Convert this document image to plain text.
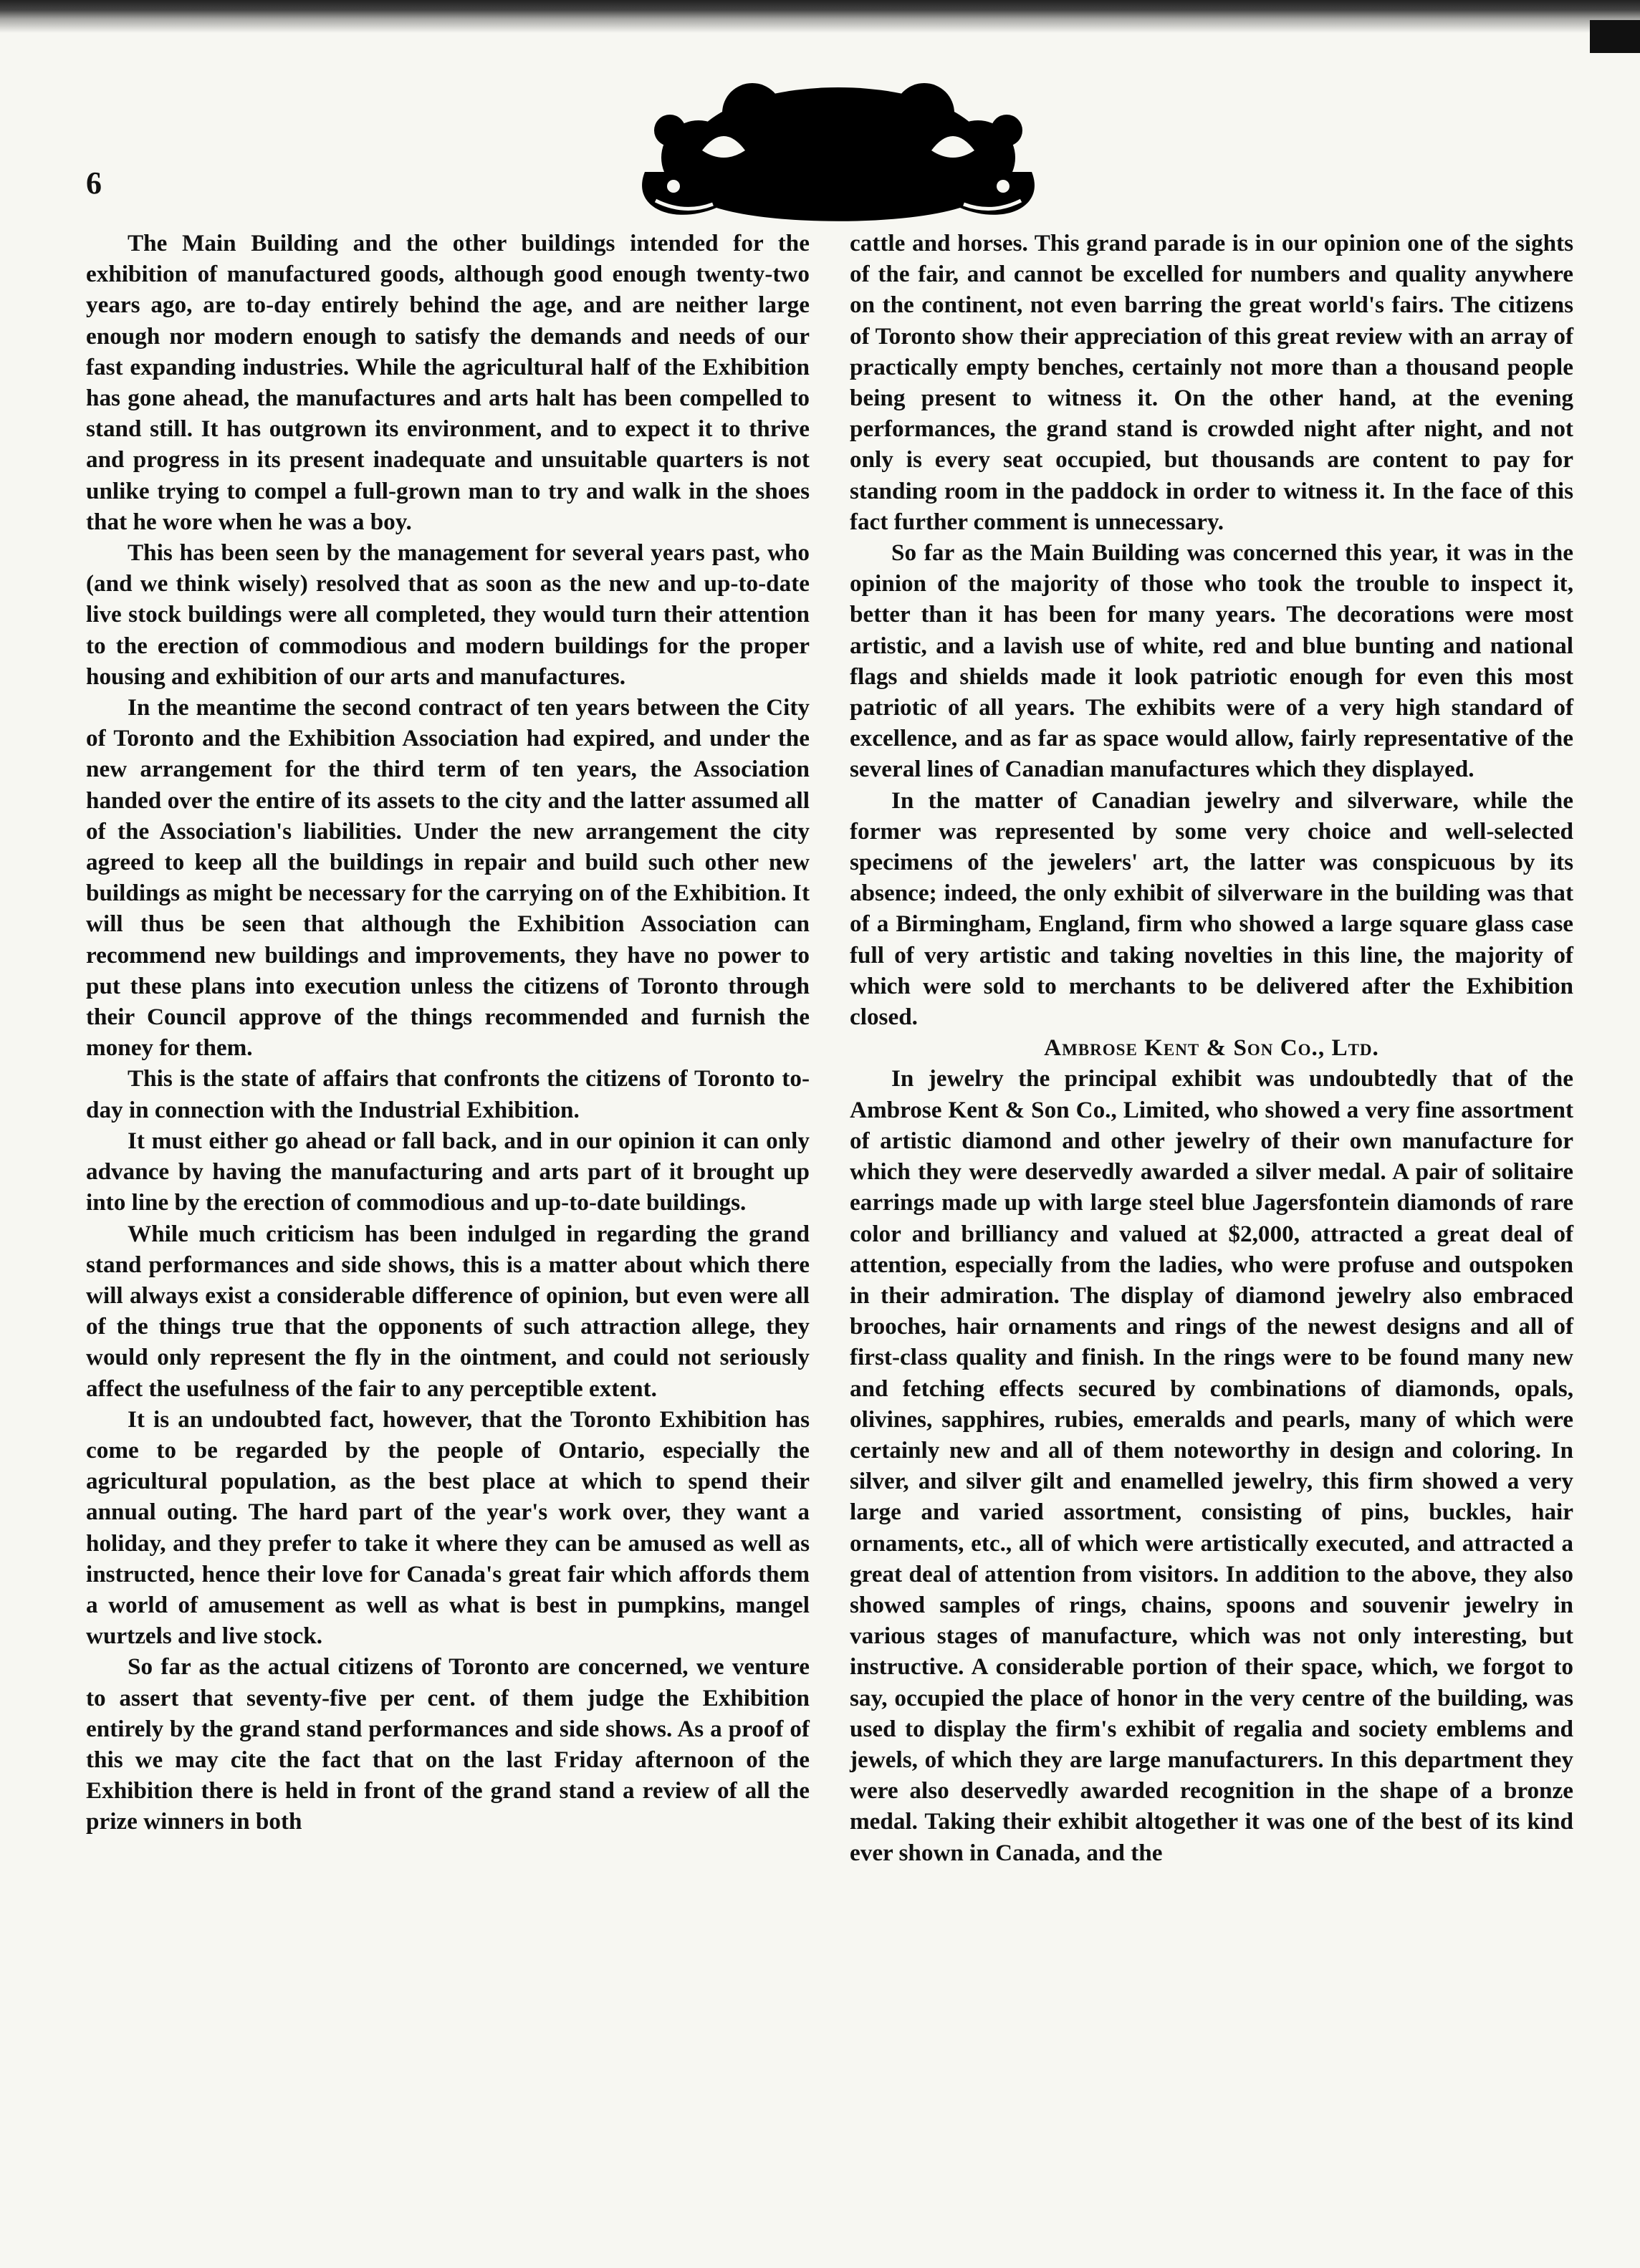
6

The Main Building and the other buildings intended for the exhibition of manufactured goods, although good enough twenty-two years ago, are to-day entirely behind the age, and are neither large enough nor modern enough to satisfy the demands and needs of our fast expanding industries. While the agricultural half of the Exhibition has gone ahead, the manufactures and arts halt has been compelled to stand still. It has outgrown its environment, and to expect it to thrive and progress in its present inadequate and unsuitable quarters is not unlike trying to compel a full-grown man to try and walk in the shoes that he wore when he was a boy.

This has been seen by the management for several years past, who (and we think wisely) resolved that as soon as the new and up-to-date live stock buildings were all completed, they would turn their attention to the erection of commodious and modern buildings for the proper housing and exhibition of our arts and manufactures.

In the meantime the second contract of ten years between the City of Toronto and the Exhibition Association had expired, and under the new arrangement for the third term of ten years, the Association handed over the entire of its assets to the city and the latter assumed all of the Association's liabilities. Under the new arrangement the city agreed to keep all the buildings in repair and build such other new buildings as might be necessary for the carrying on of the Exhibition. It will thus be seen that although the Exhibition Association can recommend new buildings and improvements, they have no power to put these plans into execution unless the citizens of Toronto through their Council approve of the things recommended and furnish the money for them.

This is the state of affairs that confronts the citizens of Toronto to-day in connection with the Industrial Exhibition.

It must either go ahead or fall back, and in our opinion it can only advance by having the manufacturing and arts part of it brought up into line by the erection of commodious and up-to-date buildings.

While much criticism has been indulged in regarding the grand stand performances and side shows, this is a matter about which there will always exist a considerable difference of opinion, but even were all of the things true that the opponents of such attraction allege, they would only represent the fly in the ointment, and could not seriously affect the usefulness of the fair to any perceptible extent.

It is an undoubted fact, however, that the Toronto Exhibition has come to be regarded by the people of Ontario, especially the agricultural population, as the best place at which to spend their annual outing. The hard part of the year's work over, they want a holiday, and they prefer to take it where they can be amused as well as instructed, hence their love for Canada's great fair which affords them a world of amusement as well as what is best in pumpkins, mangel wurtzels and live stock.

So far as the actual citizens of Toronto are concerned, we venture to assert that seventy-five per cent. of them judge the Exhibition entirely by the grand stand performances and side shows. As a proof of this we may cite the fact that on the last Friday afternoon of the Exhibition there is held in front of the grand stand a review of all the prize winners in both

cattle and horses. This grand parade is in our opinion one of the sights of the fair, and cannot be excelled for numbers and quality anywhere on the continent, not even barring the great world's fairs. The citizens of Toronto show their appreciation of this great review with an array of practically empty benches, certainly not more than a thousand people being present to witness it. On the other hand, at the evening performances, the grand stand is crowded night after night, and not only is every seat occupied, but thousands are content to pay for standing room in the paddock in order to witness it. In the face of this fact further comment is unnecessary.

So far as the Main Building was concerned this year, it was in the opinion of the majority of those who took the trouble to inspect it, better than it has been for many years. The decorations were most artistic, and a lavish use of white, red and blue bunting and national flags and shields made it look patriotic enough for even this most patriotic of all years. The exhibits were of a very high standard of excellence, and as far as space would allow, fairly representative of the several lines of Canadian manufactures which they displayed.

In the matter of Canadian jewelry and silverware, while the former was represented by some very choice and well-selected specimens of the jewelers' art, the latter was conspicuous by its absence; indeed, the only exhibit of silverware in the building was that of a Birmingham, England, firm who showed a large square glass case full of very artistic and taking novelties in this line, the majority of which were sold to merchants to be delivered after the Exhibition closed.

Ambrose Kent & Son Co., Ltd.

In jewelry the principal exhibit was undoubtedly that of the Ambrose Kent & Son Co., Limited, who showed a very fine assortment of artistic diamond and other jewelry of their own manufacture for which they were deservedly awarded a silver medal. A pair of solitaire earrings made up with large steel blue Jagersfontein diamonds of rare color and brilliancy and valued at $2,000, attracted a great deal of attention, especially from the ladies, who were profuse and outspoken in their admiration. The display of diamond jewelry also embraced brooches, hair ornaments and rings of the newest designs and all of first-class quality and finish. In the rings were to be found many new and fetching effects secured by combinations of diamonds, opals, olivines, sapphires, rubies, emeralds and pearls, many of which were certainly new and all of them noteworthy in design and coloring. In silver, and silver gilt and enamelled jewelry, this firm showed a very large and varied assortment, consisting of pins, buckles, hair ornaments, etc., all of which were artistically executed, and attracted a great deal of attention from visitors. In addition to the above, they also showed samples of rings, chains, spoons and souvenir jewelry in various stages of manufacture, which was not only interesting, but instructive. A considerable portion of their space, which, we forgot to say, occupied the place of honor in the very centre of the building, was used to display the firm's exhibit of regalia and society emblems and jewels, of which they are large manufacturers. In this department they were also deservedly awarded recognition in the shape of a bronze medal. Taking their exhibit altogether it was one of the best of its kind ever shown in Canada, and the
